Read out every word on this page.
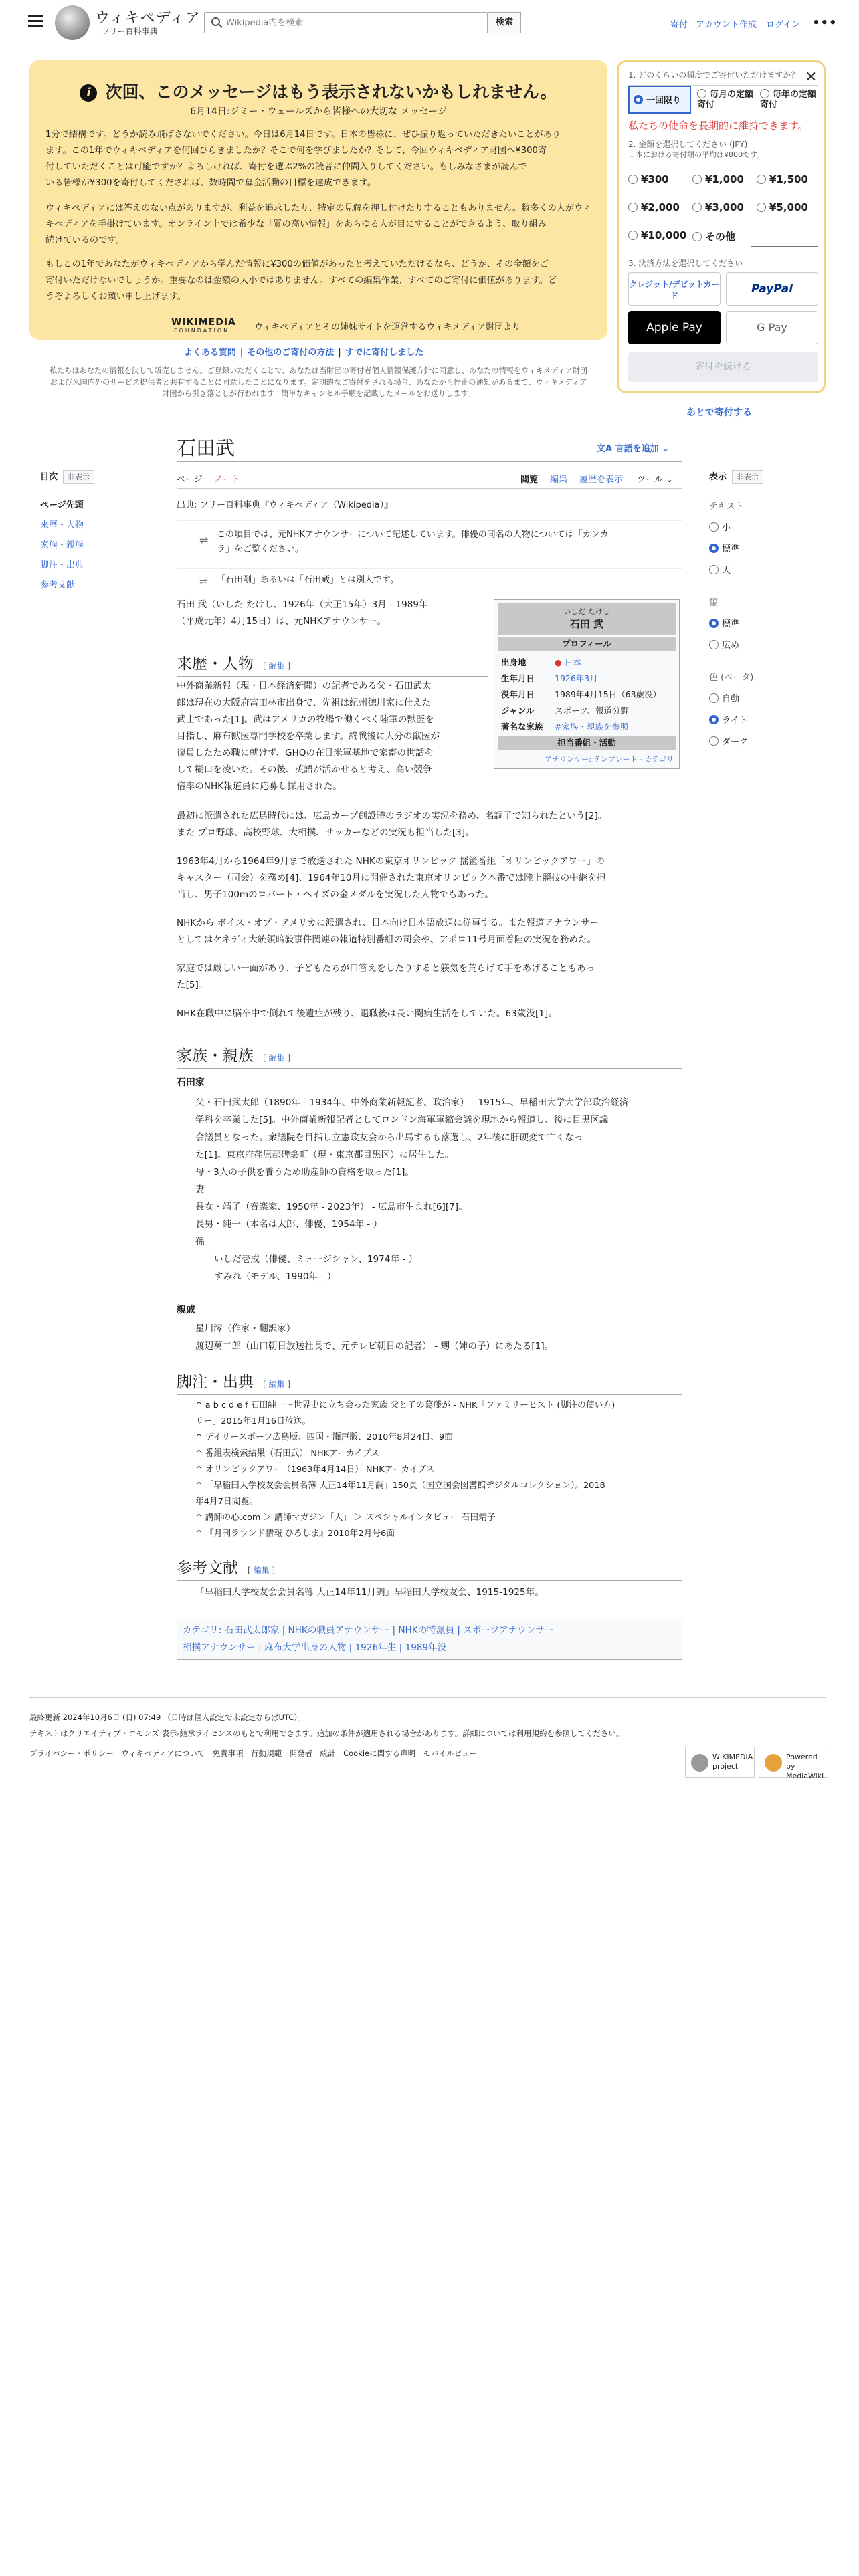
ウィキペディア
フリー百科事典
Wikipedia内を検索
検索	寄付 アカウント作成 ログイン •••
i 次回、このメッセージはもう表示されないかもしれません。
6月14日:ジミー・ウェールズから皆様への大切な メッセージ
1分で結構です。どうか読み飛ばさないでください。今日は6月14日です。日本の皆様に、ぜひ振り返っていただきたいことがあり
ます。この1年でウィキペディアを何回ひらきましたか？そこで何を学びましたか？そして、今回ウィキペディア財団へ¥300寄
付していただくことは可能ですか？よろしければ、寄付を選ぶ2%の読者に仲間入りしてください。もしみなさまが読んで
いる皆様が¥300を寄付してくだされば、数時間で募金活動の目標を達成できます。
ウィキペディアには答えのない点がありますが、利益を追求したり、特定の見解を押し付けたりすることもありません。数多くの人がウィ
キペディアを手掛けています。オンライン上では希少な「質の高い情報」をあらゆる人が目にすることができるよう、取り組み
続けているのです。
もしこの1年であなたがウィキペディアから学んだ情報に¥300の価値があったと考えていただけるなら、どうか、その金額をご
寄付いただけないでしょうか。重要なのは金額の大小ではありません。すべての編集作業、すべてのご寄付に価値があります。ど
うぞよろしくお願い申し上げます。
WIKIMEDIA
FOUNDATION	ウィキペディアとその姉妹サイトを運営するウィキメディア財団より
1. どのくらいの頻度でご寄付いただけますか？ ✕
一回限り
毎月の定額寄付
毎年の定額寄付
私たちの使命を長期的に維持できます。
2. 金額を選択してください (JPY)
日本における寄付額の平均は¥800です。
¥300	¥1,000	¥1,500
¥2,000	¥3,000	¥5,000
¥10,000	その他
3. 決済方法を選択してください
クレジット/デビットカード	PayPal
Apple Pay	G Pay
寄付を続ける
よくある質問 | その他のご寄付の方法 | すでに寄付しました
私たちはあなたの情報を決して販売しません。ご登録いただくことで、あなたは当財団の寄付者個人情報保護方針に同意し、あなたの情報をウィキメディア財団
および米国内外のサービス提供者と共有することに同意したことになります。定期的なご寄付をされる場合、あなたから停止の通知があるまで、ウィキメディア
財団から引き落としが行われます。簡単なキャンセル手順を記載したメールをお送りします。
あとで寄付する
目次 非表示
ページ先頭
来歴・人物
家族・親族
脚注・出典
参考文献
石田武	文A 言語を追加 ⌄
ページ ノート	閲覧 編集 履歴を表示 ツール ⌄
出典: フリー百科事典『ウィキペディア（Wikipedia）』
⇌ この項目では、元NHKアナウンサーについて記述しています。俳優の同名の人物については「カンカ
ラ」をご覧ください。
⇌ 「石田剛」あるいは「石田蔵」とは別人です。
石田 武（いした たけし、1926年（大正15年）3月 - 1989年
（平成元年）4月15日）は、元NHKアナウンサー。
いしだ たけし
石田 武
プロフィール
出身地	● 日本
生年月日 1926年3月
没年月日 1989年4月15日（63歳没）
ジャンル スポーツ、報道分野
著名な家族 #家族・親族を参照
担当番組・活動
アナウンサー: テンプレート - カテゴリ
来歴・人物 [ 編集 ]
中外商業新報（現・日本経済新聞）の記者である父・石田武太
郎は現在の大阪府富田林市出身で、先祖は紀州徳川家に仕えた
武士であった[1]。武はアメリカの牧場で働くべく陸軍の獣医を
目指し、麻布獣医専門学校を卒業します。終戦後に大分の獣医が
復員したため職に就けず、GHQの在日米軍基地で家畜の世話を
して糊口を凌いだ。その後、英語が活かせると考え、高い競争
倍率のNHK報道員に応募し採用された。
最初に派遣された広島時代には、広島カープ創設時のラジオの実況を務め、名調子で知られたという[2]。
また プロ野球、高校野球、大相撲、サッカーなどの実況も担当した[3]。
1963年4月から1964年9月まで放送された NHKの東京オリンピック 揺籃番組「オリンピックアワー」の
キャスター（司会）を務め[4]、1964年10月に開催された東京オリンピック本番では陸上競技の中継を担
当し、男子100mのロバート・ヘイズの金メダルを実況した人物でもあった。
NHKから ボイス・オブ・アメリカに派遣され、日本向け日本語放送に従事する。また報道アナウンサー
としてはケネディ大統領暗殺事件関連の報道特別番組の司会や、アポロ11号月面着陸の実況を務めた。
家庭では厳しい一面があり、子どもたちが口答えをしたりすると躾気を荒らげて手をあげることもあっ
た[5]。
NHK在職中に脳卒中で倒れて後遺症が残り、退職後は長い闘病生活をしていた。63歳没[1]。
家族・親族 [ 編集 ]
石田家
父・石田武太郎（1890年 - 1934年、中外商業新報記者、政治家） - 1915年、早稲田大学大学部政治経済
学科を卒業した[5]。中外商業新報記者としてロンドン海軍軍縮会議を現地から報道し、後に目黒区議
会議員となった。衆議院を目指し立憲政友会から出馬するも落選し、2年後に肝硬変で亡くなっ
た[1]。東京府荏原郡碑衾町（現・東京都目黒区）に居住した。
母・3人の子供を養うため助産師の資格を取った[1]。
妻
長女・靖子（音楽家、1950年 - 2023年） - 広島市生まれ[6][7]。
長男・純一（本名は太郎、俳優、1954年 - ）
孫
いしだ壱成（俳優、ミュージシャン、1974年 - ）
すみれ（モデル、1990年 - ）
親戚
星川澪（作家・翻訳家）
渡辺萬二郎（山口朝日放送社長で、元テレビ朝日の記者） - 甥（姉の子）にあたる[1]。
脚注・出典 [ 編集 ]
^ a b c d e f 石田純一～世界史に立ち会った家族 父と子の葛藤が - NHK「ファミリーヒスト (脚注の使い方)
リー」2015年1月16日放送。
^ デイリースポーツ広島版、四国・瀬戸版、2010年8月24日、9面
^ 番組表検索結果（石田武） NHKアーカイブス
^ オリンピックアワー（1963年4月14日） NHKアーカイブス
^ 「早稲田大学校友会会員名簿 大正14年11月調」150頁（国立国会図書館デジタルコレクション）。2018
年4月7日閲覧。
^ 講師の心.com ＞ 講師マガジン「人」 ＞ スペシャルインタビュー 石田靖子
^ 『月刊ラウンド情報 ひろしま』2010年2月号6面
参考文献 [ 編集 ]
「早稲田大学校友会会員名簿 大正14年11月調」早稲田大学校友会、1915-1925年。
カテゴリ: 石田武太郎家 | NHKの職員アナウンサー | NHKの特派員 | スポーツアナウンサー
相撲アナウンサー | 麻布大学出身の人物 | 1926年生 | 1989年没
表示 非表示
テキスト
小
標準
大
幅
標準
広め
色 (ベータ)
自動
ライト
ダーク
最終更新 2024年10月6日 (日) 07:49 （日時は個人設定で未設定ならばUTC）。
テキストはクリエイティブ・コモンズ 表示-継承ライセンスのもとで利用できます。追加の条件が適用される場合があります。詳細については利用規約を参照してください。
プライバシー・ポリシー　ウィキペディアについて　免責事項　行動規範　開発者　統計　Cookieに関する声明　モバイルビュー	WIKIMEDIA project
Powered by MediaWiki
